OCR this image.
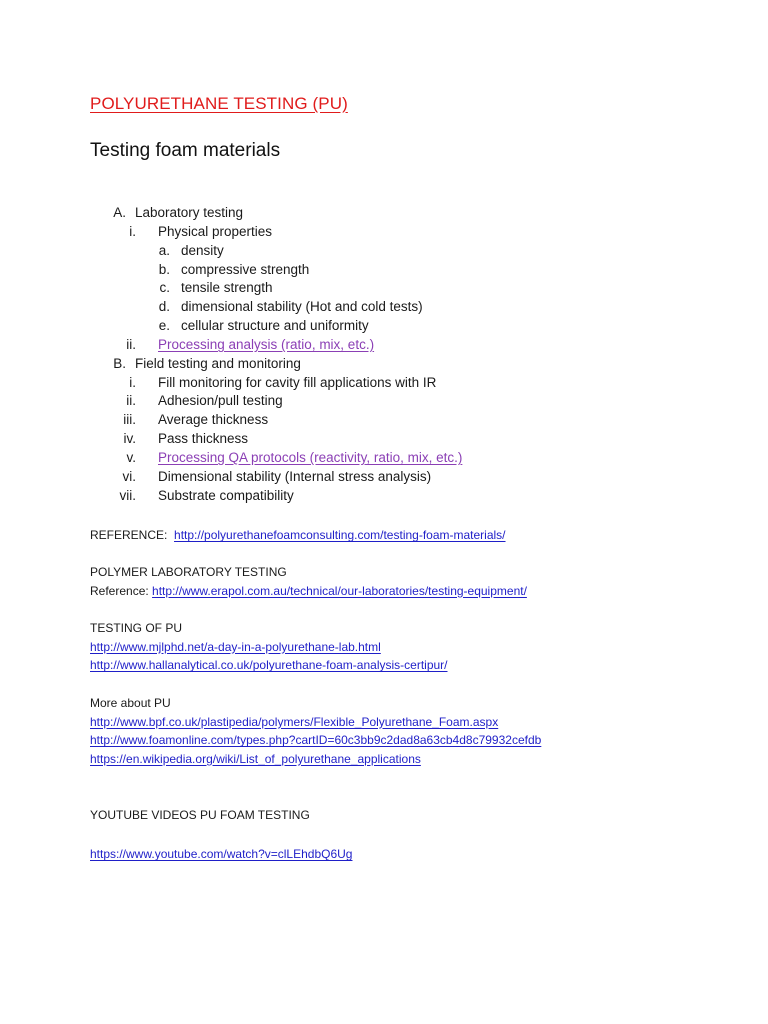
POLYURETHANE TESTING (PU)
Testing foam materials
A. Laboratory testing
i. Physical properties
a. density
b. compressive strength
c. tensile strength
d. dimensional stability (Hot and cold tests)
e. cellular structure and uniformity
ii. Processing analysis (ratio, mix, etc.)
B. Field testing and monitoring
i. Fill monitoring for cavity fill applications with IR
ii. Adhesion/pull testing
iii. Average thickness
iv. Pass thickness
v. Processing QA protocols (reactivity, ratio, mix, etc.)
vi. Dimensional stability (Internal stress analysis)
vii. Substrate compatibility
REFERENCE: http://polyurethanefoamconsulting.com/testing-foam-materials/
POLYMER LABORATORY TESTING
Reference: http://www.erapol.com.au/technical/our-laboratories/testing-equipment/
TESTING OF PU
http://www.mjlphd.net/a-day-in-a-polyurethane-lab.html
http://www.hallanalytical.co.uk/polyurethane-foam-analysis-certipur/
More about PU
http://www.bpf.co.uk/plastipedia/polymers/Flexible_Polyurethane_Foam.aspx
http://www.foamonline.com/types.php?cartID=60c3bb9c2dad8a63cb4d8c79932cefdb
https://en.wikipedia.org/wiki/List_of_polyurethane_applications
YOUTUBE VIDEOS PU FOAM TESTING
https://www.youtube.com/watch?v=clLEhdbQ6Ug
